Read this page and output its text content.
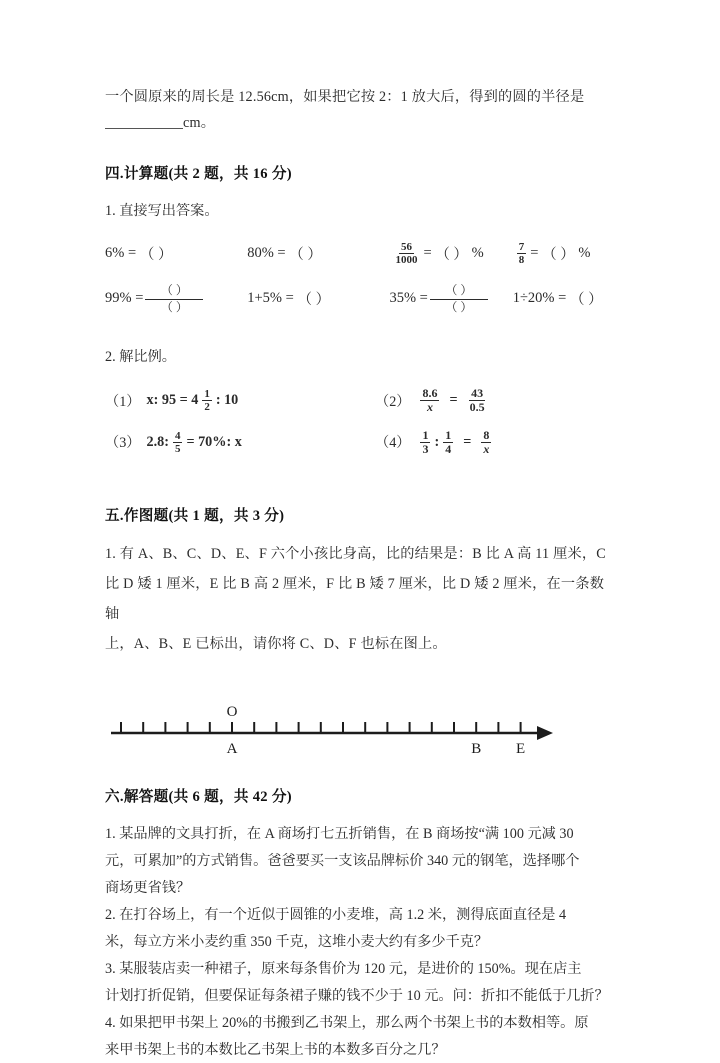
一个圆原来的周长是 12.56cm，如果把它按 2：1 放大后，得到的圆的半径是
cm。
四.计算题(共 2 题，共 16 分)
1. 直接写出答案。
6% = （ ）	80% = （ ）	$\frac{56}{1000}$ = （ ） %	$\frac{7}{8}$ = （ ） %
$99\% = \frac{( )}{( )}$	1+5% = （ ）	$35\% = \frac{( )}{( )} 1\div 20\%$ = （ ）
2. 解比例。
（1） x: $95 = 4 \frac{1}{2}$ : 10	$(2) \frac{8.6}{x} = \frac{43}{0.5}$
（3） 2.8: $\frac{4}{5} = 70\%$: x	$(4) \frac{1}{3}$ : $\frac{1}{4} = \frac{8}{x}$
五.作图题(共 1 题，共 3 分)
1. 有 A、B、C、D、E、F 六个小孩比身高，比的结果是：B 比 A 高 11 厘米，C
比 D 矮 1 厘米，E 比 B 高 2 厘米，F 比 B 矮 7 厘米，比 D 矮 2 厘米，在一条数轴
上，A、B、E 已标出，请你将 C、D、F 也标在图上。
O
A	B E
六.解答题(共 6 题，共 42 分)
1. 某品牌的文具打折，在 A 商场打七五折销售，在 B 商场按“满 100 元减 30
元，可累加”的方式销售。爸爸要买一支该品牌标价 340 元的钢笔，选择哪个
商场更省钱？
2. 在打谷场上，有一个近似于圆锥的小麦堆，高 1.2 米，测得底面直径是 4
米，每立方米小麦约重 350 千克，这堆小麦大约有多少千克？
3. 某服装店卖一种裙子，原来每条售价为 120 元，是进价的 150%。现在店主
计划打折促销，但要保证每条裙子赚的钱不少于 10 元。问：折扣不能低于几折？
4. 如果把甲书架上 20%的书搬到乙书架上，那么两个书架上书的本数相等。原
来甲书架上书的本数比乙书架上书的本数多百分之几？
